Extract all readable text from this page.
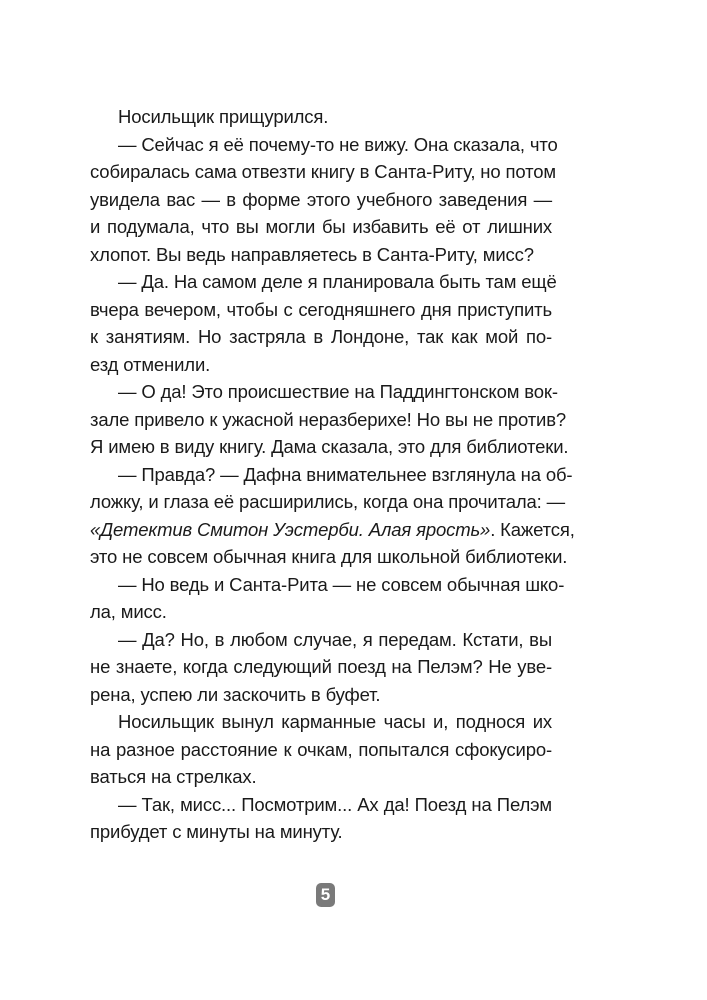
Носильщик прищурился.
— Сейчас я её почему-то не вижу. Она сказала, что
собиралась сама отвезти книгу в Санта-Риту, но потом
увидела вас — в форме этого учебного заведения —
и подумала, что вы могли бы избавить её от лишних
хлопот. Вы ведь направляетесь в Санта-Риту, мисс?
— Да. На самом деле я планировала быть там ещё
вчера вечером, чтобы с сегодняшнего дня приступить
к занятиям. Но застряла в Лондоне, так как мой по-
езд отменили.
— О да! Это происшествие на Паддингтонском вок-
зале привело к ужасной неразберихе! Но вы не против?
Я имею в виду книгу. Дама сказала, это для библиотеки.
— Правда? — Дафна внимательнее взглянула на об-
ложку, и глаза её расширились, когда она прочитала: —
«Детектив Смитон Уэстерби. Алая ярость». Кажется,
это не совсем обычная книга для школьной библиотеки.
— Но ведь и Санта-Рита — не совсем обычная шко-
ла, мисс.
— Да? Но, в любом случае, я передам. Кстати, вы
не знаете, когда следующий поезд на Пелэм? Не уве-
рена, успею ли заскочить в буфет.
Носильщик вынул карманные часы и, поднося их
на разное расстояние к очкам, попытался сфокусиро-
ваться на стрелках.
— Так, мисс... Посмотрим... Ах да! Поезд на Пелэм
прибудет с минуты на минуту.
5
